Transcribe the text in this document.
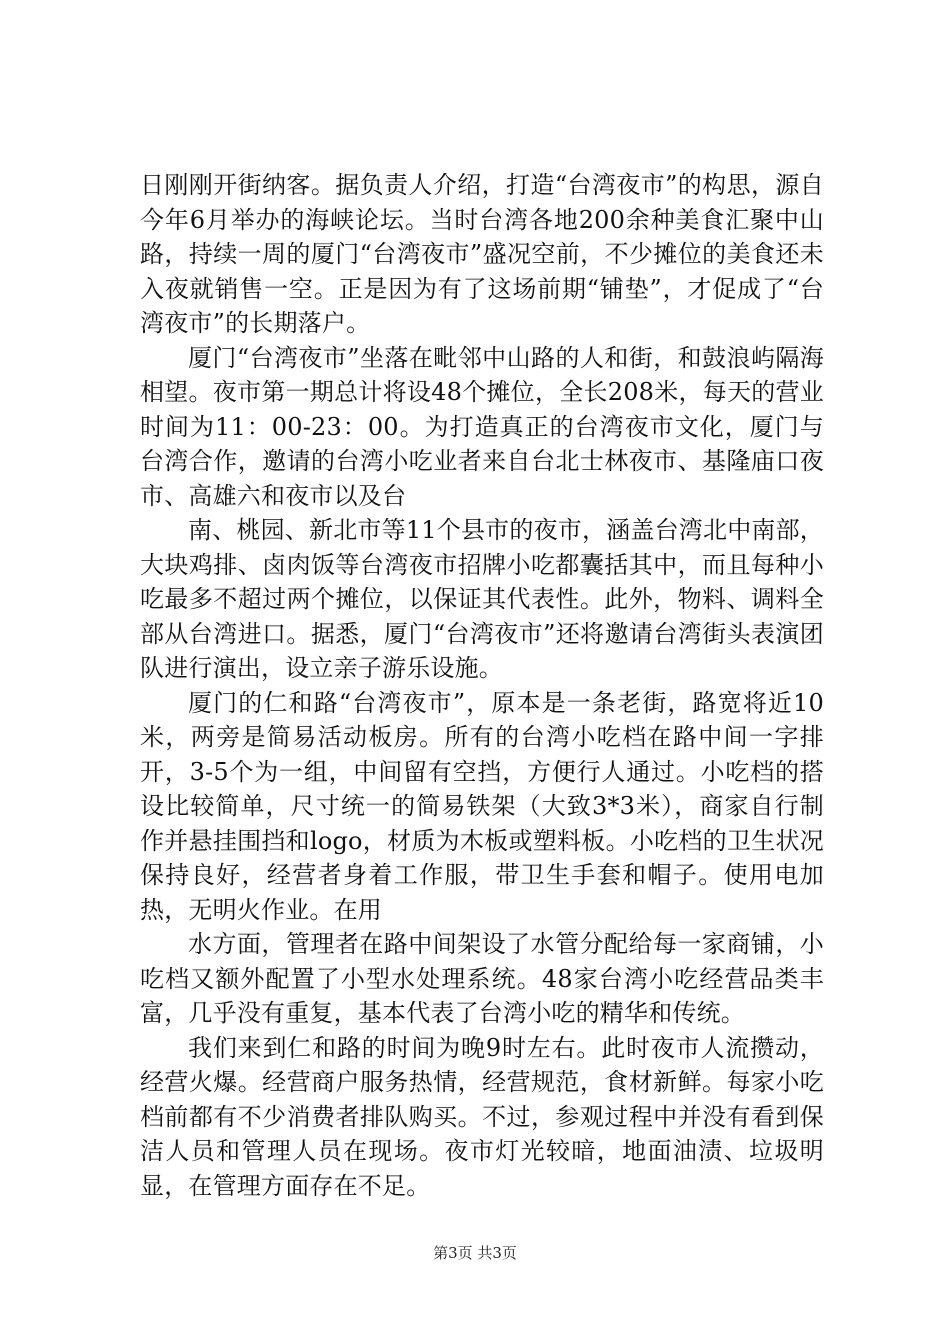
日刚刚开街纳客。据负责人介绍，打造“台湾夜市”的构思，源自今年6月举办的海峡论坛。当时台湾各地200余种美食汇聚中山路，持续一周的厦门“台湾夜市”盛况空前，不少摊位的美食还未入夜就销售一空。正是因为有了这场前期“铺垫”，才促成了“台湾夜市”的长期落户。

厦门“台湾夜市”坐落在毗邻中山路的人和街，和鼓浪屿隔海相望。夜市第一期总计将设48个摊位，全长208米，每天的营业时间为11：00-23：00。为打造真正的台湾夜市文化，厦门与台湾合作，邀请的台湾小吃业者来自台北士林夜市、基隆庙口夜市、高雄六和夜市以及台

南、桃园、新北市等11个县市的夜市，涵盖台湾北中南部，大块鸡排、卤肉饭等台湾夜市招牌小吃都囊括其中，而且每种小吃最多不超过两个摊位，以保证其代表性。此外，物料、调料全部从台湾进口。据悉，厦门“台湾夜市”还将邀请台湾街头表演团队进行演出，设立亲子游乐设施。

厦门的仁和路“台湾夜市”，原本是一条老街，路宽将近10米，两旁是简易活动板房。所有的台湾小吃档在路中间一字排开，3-5个为一组，中间留有空挡，方便行人通过。小吃档的搭设比较简单，尺寸统一的简易铁架（大致3*3米），商家自行制作并悬挂围挡和logo，材质为木板或塑料板。小吃档的卫生状况保持良好，经营者身着工作服，带卫生手套和帽子。使用电加热，无明火作业。在用

水方面，管理者在路中间架设了水管分配给每一家商铺，小吃档又额外配置了小型水处理系统。48家台湾小吃经营品类丰富，几乎没有重复，基本代表了台湾小吃的精华和传统。

我们来到仁和路的时间为晚9时左右。此时夜市人流攒动，经营火爆。经营商户服务热情，经营规范，食材新鲜。每家小吃档前都有不少消费者排队购买。不过，参观过程中并没有看到保洁人员和管理人员在现场。夜市灯光较暗，地面油渍、垃圾明显，在管理方面存在不足。

第3页 共3页
